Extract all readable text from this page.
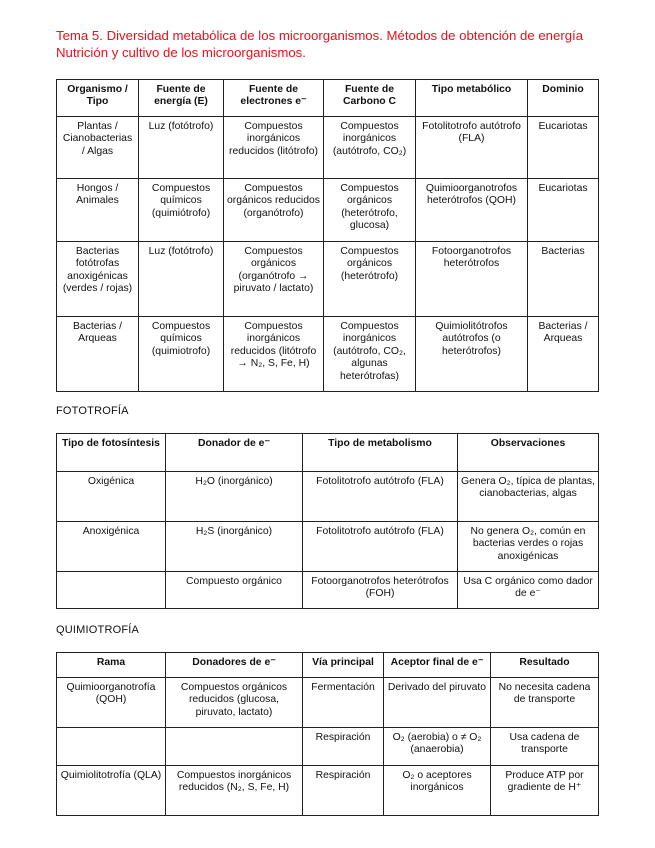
Tema 5. Diversidad metabólica de los microorganismos. Métodos de obtención de energía
Nutrición y cultivo de los microorganismos.
Organismo / Tipo	Fuente de energía (E)	Fuente de electrones e⁻	Fuente de Carbono C	Tipo metabólico	Dominio
Plantas / Cianobacterias / Algas	Luz (fotótrofo)	Compuestos inorgánicos reducidos (litótrofo)	Compuestos inorgánicos (autótrofo, CO₂)	Fotolitotrofo autótrofo (FLA)	Eucariotas
Hongos / Animales	Compuestos químicos (quimiótrofo)	Compuestos orgánicos reducidos (organótrofo)	Compuestos orgánicos (heterótrofo, glucosa)	Quimioorganotrofos heterótrofos (QOH)	Eucariotas
Bacterias fotótrofas anoxigénicas (verdes / rojas)	Luz (fotótrofo)	Compuestos orgánicos (organótrofo → piruvato / lactato)	Compuestos orgánicos (heterótrofo)	Fotoorganotrofos heterótrofos	Bacterias
Bacterias / Arqueas	Compuestos químicos (quimiotrofo)	Compuestos inorgánicos reducidos (litótrofo → N₂, S, Fe, H)	Compuestos inorgánicos (autótrofo, CO₂, algunas heterótrofas)	Quimiolitótrofos autótrofos (o heterótrofos)	Bacterias / Arqueas
FOTOTROFÍA
Tipo de fotosíntesis	Donador de e⁻	Tipo de metabolismo	Observaciones
Oxigénica	H₂O (inorgánico)	Fotolitotrofo autótrofo (FLA)	Genera O₂, típica de plantas, cianobacterias, algas
Anoxigénica	H₂S (inorgánico)	Fotolitotrofo autótrofo (FLA)	No genera O₂, común en bacterias verdes o rojas anoxigénicas
	Compuesto orgánico	Fotoorganotrofos heterótrofos (FOH)	Usa C orgánico como dador de e⁻
QUIMIOTROFÍA
Rama	Donadores de e⁻	Vía principal	Aceptor final de e⁻	Resultado
Quimioorganotrofía (QOH)	Compuestos orgánicos reducidos (glucosa, piruvato, lactato)	Fermentación	Derivado del piruvato	No necesita cadena de transporte
		Respiración	O₂ (aerobia) o ≠ O₂ (anaerobia)	Usa cadena de transporte
Quimiolitotrofía (QLA)	Compuestos inorgánicos reducidos (N₂, S, Fe, H)	Respiración	O₂ o aceptores inorgánicos	Produce ATP por gradiente de H⁺
